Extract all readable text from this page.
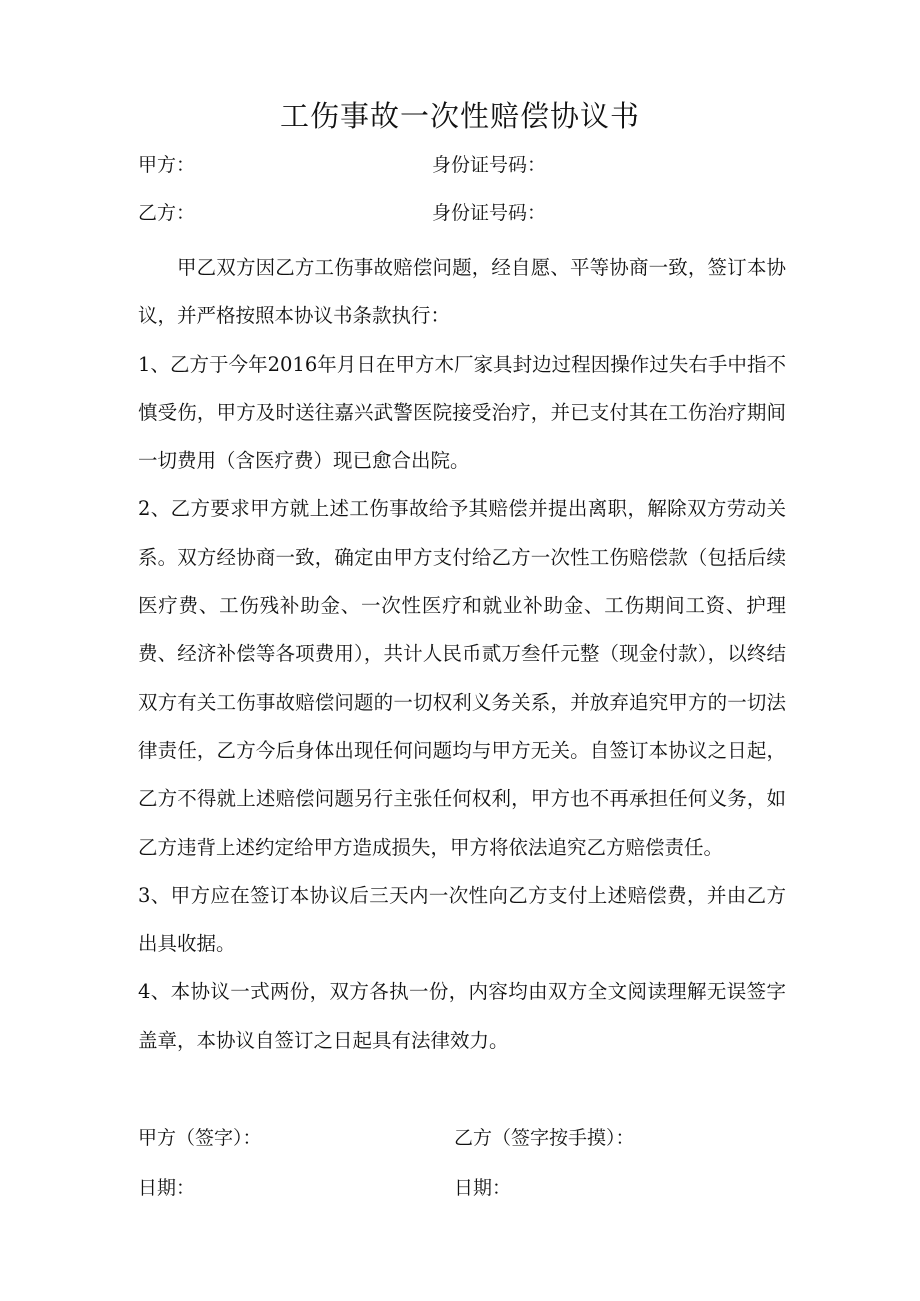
工伤事故一次性赔偿协议书
甲方：	身份证号码：
乙方：	身份证号码：

甲乙双方因乙方工伤事故赔偿问题，经自愿、平等协商一致，签订本协议，并严格按照本协议书条款执行：

1、乙方于今年2016年月日在甲方木厂家具封边过程因操作过失右手中指不慎受伤，甲方及时送往嘉兴武警医院接受治疗，并已支付其在工伤治疗期间一切费用（含医疗费）现已愈合出院。

2、乙方要求甲方就上述工伤事故给予其赔偿并提出离职，解除双方劳动关系。双方经协商一致，确定由甲方支付给乙方一次性工伤赔偿款（包括后续医疗费、工伤残补助金、一次性医疗和就业补助金、工伤期间工资、护理费、经济补偿等各项费用），共计人民币贰万叁仟元整（现金付款），以终结双方有关工伤事故赔偿问题的一切权利义务关系，并放弃追究甲方的一切法律责任，乙方今后身体出现任何问题均与甲方无关。自签订本协议之日起，乙方不得就上述赔偿问题另行主张任何权利，甲方也不再承担任何义务，如乙方违背上述约定给甲方造成损失，甲方将依法追究乙方赔偿责任。

3、甲方应在签订本协议后三天内一次性向乙方支付上述赔偿费，并由乙方出具收据。

4、本协议一式两份，双方各执一份，内容均由双方全文阅读理解无误签字盖章，本协议自签订之日起具有法律效力。

甲方（签字）：	乙方（签字按手摸）：
日期：	日期：
